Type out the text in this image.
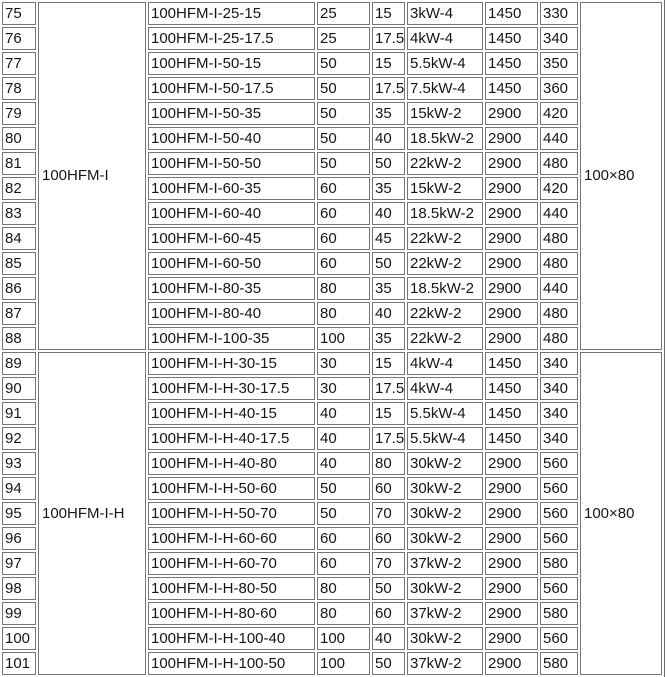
75	100HFM-I	100HFM-I-25-15	25	15	3kW-4	1450	330	100×80
76		100HFM-I-25-17.5	25	17.5	4kW-4	1450	340	
77		100HFM-I-50-15	50	15	5.5kW-4	1450	350	
78		100HFM-I-50-17.5	50	17.5	7.5kW-4	1450	360	
79		100HFM-I-50-35	50	35	15kW-2	2900	420	
80		100HFM-I-50-40	50	40	18.5kW-2	2900	440	
81		100HFM-I-50-50	50	50	22kW-2	2900	480	
82		100HFM-I-60-35	60	35	15kW-2	2900	420	
83		100HFM-I-60-40	60	40	18.5kW-2	2900	440	
84		100HFM-I-60-45	60	45	22kW-2	2900	480	
85		100HFM-I-60-50	60	50	22kW-2	2900	480	
86		100HFM-I-80-35	80	35	18.5kW-2	2900	440	
87		100HFM-I-80-40	80	40	22kW-2	2900	480	
88		100HFM-I-100-35	100	35	22kW-2	2900	480	
89	100HFM-I-H	100HFM-I-H-30-15	30	15	4kW-4	1450	340	100×80
90		100HFM-I-H-30-17.5	30	17.5	4kW-4	1450	340	
91		100HFM-I-H-40-15	40	15	5.5kW-4	1450	340	
92		100HFM-I-H-40-17.5	40	17.5	5.5kW-4	1450	340	
93		100HFM-I-H-40-80	40	80	30kW-2	2900	560	
94		100HFM-I-H-50-60	50	60	30kW-2	2900	560	
95		100HFM-I-H-50-70	50	70	30kW-2	2900	560	
96		100HFM-I-H-60-60	60	60	30kW-2	2900	560	
97		100HFM-I-H-60-70	60	70	37kW-2	2900	580	
98		100HFM-I-H-80-50	80	50	30kW-2	2900	560	
99		100HFM-I-H-80-60	80	60	37kW-2	2900	580	
100		100HFM-I-H-100-40	100	40	30kW-2	2900	560	
101		100HFM-I-H-100-50	100	50	37kW-2	2900	580	
